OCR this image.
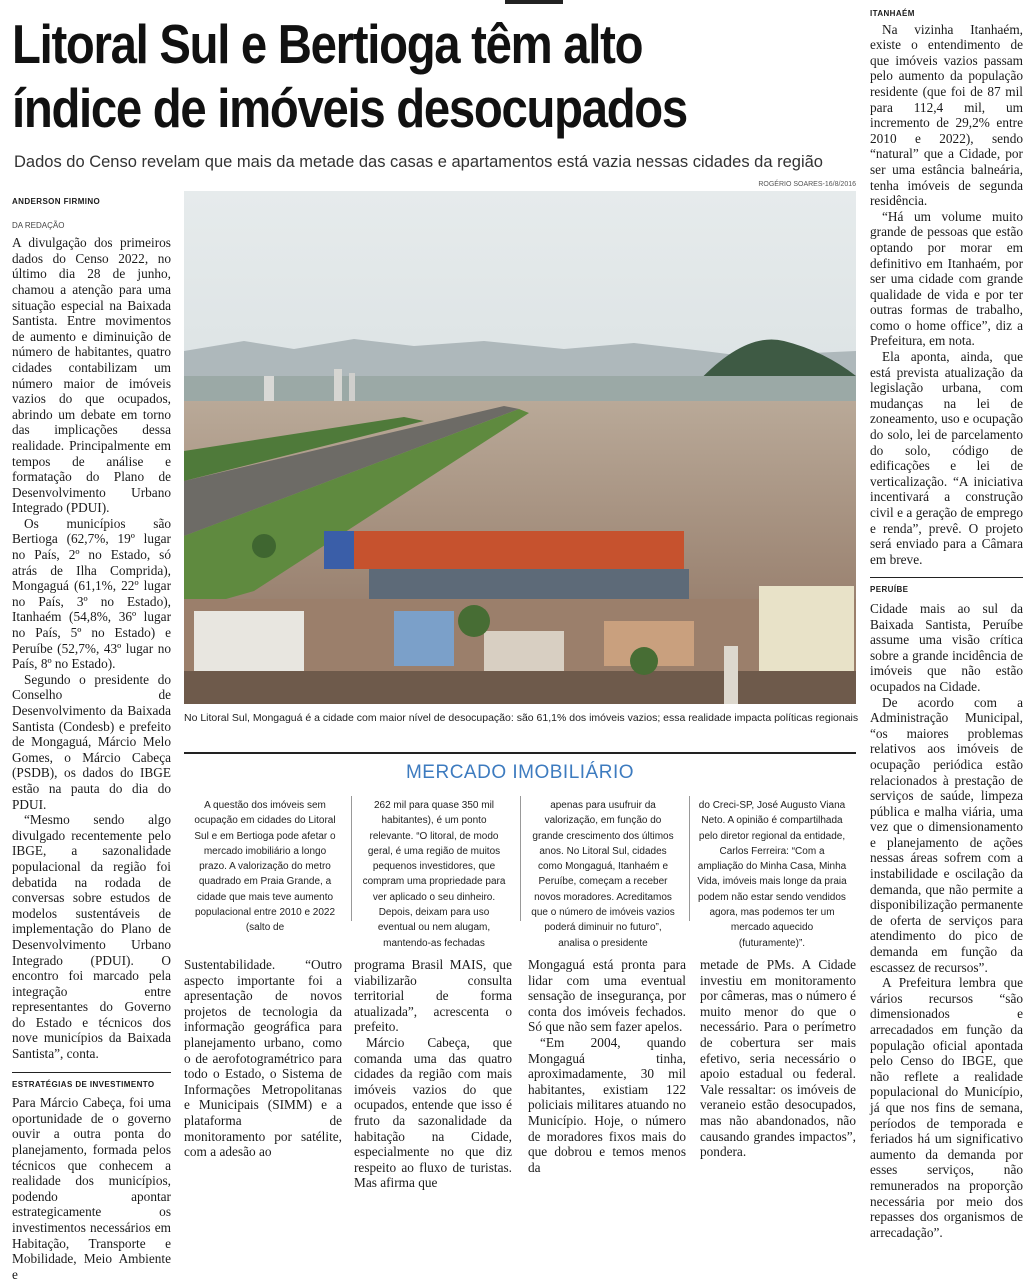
Litoral Sul e Bertioga têm alto
índice de imóveis desocupados
Dados do Censo revelam que mais da metade das casas e apartamentos está vazia nessas cidades da região
ANDERSON FIRMINO
DA REDAÇÃO

A divulgação dos primeiros dados do Censo 2022, no último dia 28 de junho, chamou a atenção para uma situação especial na Baixada Santista. Entre movimentos de aumento e diminuição de número de habitantes, quatro cidades contabilizam um número maior de imóveis vazios do que ocupados, abrindo um debate em torno das implicações dessa realidade. Principalmente em tempos de análise e formatação do Plano de Desenvolvimento Urbano Integrado (PDUI).

Os municípios são Bertioga (62,7%, 19º lugar no País, 2º no Estado, só atrás de Ilha Comprida), Mongaguá (61,1%, 22º lugar no País, 3º no Estado), Itanhaém (54,8%, 36º lugar no País, 5º no Estado) e Peruíbe (52,7%, 43º lugar no País, 8º no Estado).

Segundo o presidente do Conselho de Desenvolvimento da Baixada Santista (Condesb) e prefeito de Mongaguá, Márcio Melo Gomes, o Márcio Cabeça (PSDB), os dados do IBGE estão na pauta do dia do PDUI.

“Mesmo sendo algo divulgado recentemente pelo IBGE, a sazonalidade populacional da região foi debatida na rodada de conversas sobre estudos de modelos sustentáveis de implementação do Plano de Desenvolvimento Urbano Integrado (PDUI). O encontro foi marcado pela integração entre representantes do Governo do Estado e técnicos dos nove municípios da Baixada Santista”, conta.

ESTRATÉGIAS DE INVESTIMENTO

Para Márcio Cabeça, foi uma oportunidade de o governo ouvir a outra ponta do planejamento, formada pelos técnicos que conhecem a realidade dos municípios, podendo apontar estrategicamente os investimentos necessários em Habitação, Transporte e Mobilidade, Meio Ambiente e

ROGÉRIO SOARES-16/8/2016
No Litoral Sul, Mongaguá é a cidade com maior nível de desocupação: são 61,1% dos imóveis vazios; essa realidade impacta políticas regionais
MERCADO IMOBILIÁRIO
A questão dos imóveis sem ocupação em cidades do Litoral Sul e em Bertioga pode afetar o mercado imobiliário a longo prazo. A valorização do metro quadrado em Praia Grande, a cidade que mais teve aumento populacional entre 2010 e 2022 (salto de
262 mil para quase 350 mil habitantes), é um ponto relevante. “O litoral, de modo geral, é uma região de muitos pequenos investidores, que compram uma propriedade para ver aplicado o seu dinheiro. Depois, deixam para uso eventual ou nem alugam, mantendo-as fechadas
apenas para usufruir da valorização, em função do grande crescimento dos últimos anos. No Litoral Sul, cidades como Mongaguá, Itanhaém e Peruíbe, começam a receber novos moradores. Acreditamos que o número de imóveis vazios poderá diminuir no futuro”, analisa o presidente
do Creci-SP, José Augusto Viana Neto. A opinião é compartilhada pelo diretor regional da entidade, Carlos Ferreira: “Com a ampliação do Minha Casa, Minha Vida, imóveis mais longe da praia podem não estar sendo vendidos agora, mas podemos ter um mercado aquecido (futuramente)”.

Sustentabilidade. “Outro aspecto importante foi a apresentação de novos projetos de tecnologia da informação geográfica para planejamento urbano, como o de aerofotogramétrico para todo o Estado, o Sistema de Informações Metropolitanas e Municipais (SIMM) e a plataforma de monitoramento por satélite, com a adesão ao

programa Brasil MAIS, que viabilizarão consulta territorial de forma atualizada”, acrescenta o prefeito.

Márcio Cabeça, que comanda uma das quatro cidades da região com mais imóveis vazios do que ocupados, entende que isso é fruto da sazonalidade da habitação na Cidade, especialmente no que diz respeito ao fluxo de turistas. Mas afirma que

Mongaguá está pronta para lidar com uma eventual sensação de insegurança, por conta dos imóveis fechados. Só que não sem fazer apelos.

“Em 2004, quando Mongaguá tinha, aproximadamente, 30 mil habitantes, existiam 122 policiais militares atuando no Município. Hoje, o número de moradores fixos mais do que dobrou e temos menos da

metade de PMs. A Cidade investiu em monitoramento por câmeras, mas o número é muito menor do que o necessário. Para o perímetro de cobertura ser mais efetivo, seria necessário o apoio estadual ou federal. Vale ressaltar: os imóveis de veraneio estão desocupados, mas não abandonados, não causando grandes impactos”, pondera.

ITANHAÉM

Na vizinha Itanhaém, existe o entendimento de que imóveis vazios passam pelo aumento da população residente (que foi de 87 mil para 112,4 mil, um incremento de 29,2% entre 2010 e 2022), sendo “natural” que a Cidade, por ser uma estância balneária, tenha imóveis de segunda residência.

“Há um volume muito grande de pessoas que estão optando por morar em definitivo em Itanhaém, por ser uma cidade com grande qualidade de vida e por ter outras formas de trabalho, como o home office”, diz a Prefeitura, em nota.

Ela aponta, ainda, que está prevista atualização da legislação urbana, com mudanças na lei de zoneamento, uso e ocupação do solo, lei de parcelamento do solo, código de edificações e lei de verticalização. “A iniciativa incentivará a construção civil e a geração de emprego e renda”, prevê. O projeto será enviado para a Câmara em breve.

PERUÍBE

Cidade mais ao sul da Baixada Santista, Peruíbe assume uma visão crítica sobre a grande incidência de imóveis que não estão ocupados na Cidade.

De acordo com a Administração Municipal, “os maiores problemas relativos aos imóveis de ocupação periódica estão relacionados à prestação de serviços de saúde, limpeza pública e malha viária, uma vez que o dimensionamento e planejamento de ações nessas áreas sofrem com a instabilidade e oscilação da demanda, que não permite a disponibilização permanente de oferta de serviços para atendimento do pico de demanda em função da escassez de recursos”.

A Prefeitura lembra que vários recursos “são dimensionados e arrecadados em função da população oficial apontada pelo Censo do IBGE, que não reflete a realidade populacional do Município, já que nos fins de semana, períodos de temporada e feriados há um significativo aumento da demanda por esses serviços, não remunerados na proporção necessária por meio dos repasses dos organismos de arrecadação”.
